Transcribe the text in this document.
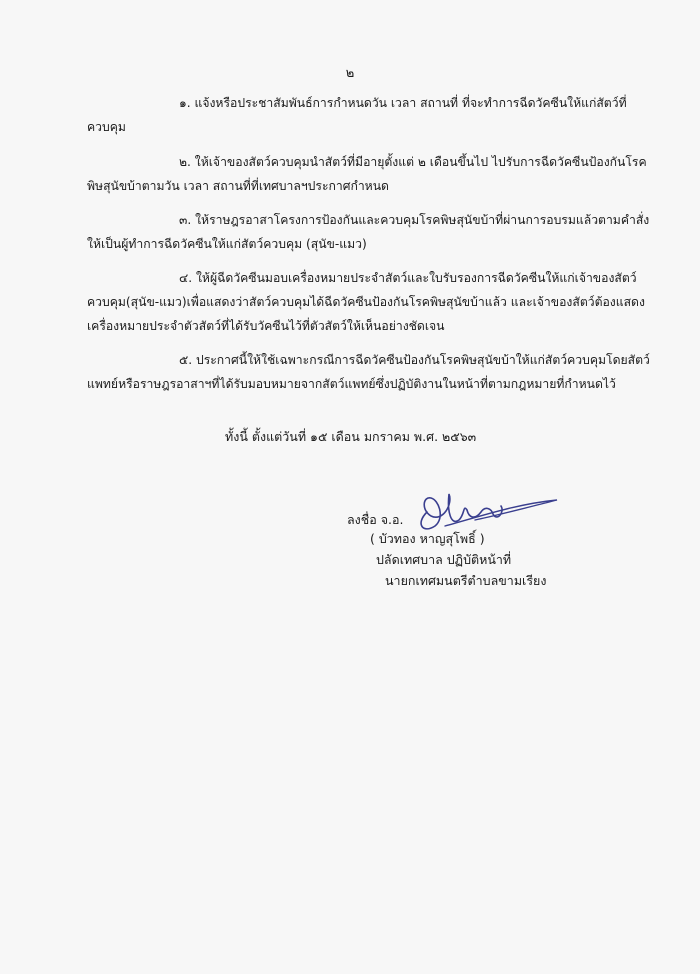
๒

๑. แจ้งหรือประชาสัมพันธ์การกำหนดวัน เวลา สถานที่ ที่จะทำการฉีดวัคซีนให้แก่สัตว์ที่
ควบคุม

๒. ให้เจ้าของสัตว์ควบคุมนำสัตว์ที่มีอายุตั้งแต่ ๒ เดือนขึ้นไป ไปรับการฉีดวัคซีนป้องกันโรค
พิษสุนัขบ้าตามวัน เวลา สถานที่ที่เทศบาลฯประกาศกำหนด

๓. ให้ราษฎรอาสาโครงการป้องกันและควบคุมโรคพิษสุนัขบ้าที่ผ่านการอบรมแล้วตามคำสั่ง
ให้เป็นผู้ทำการฉีดวัคซีนให้แก่สัตว์ควบคุม (สุนัข-แมว)

๔. ให้ผู้ฉีดวัคซีนมอบเครื่องหมายประจำสัตว์และใบรับรองการฉีดวัคซีนให้แก่เจ้าของสัตว์
ควบคุม(สุนัข-แมว)เพื่อแสดงว่าสัตว์ควบคุมได้ฉีดวัคซีนป้องกันโรคพิษสุนัขบ้าแล้ว และเจ้าของสัตว์ต้องแสดง
เครื่องหมายประจำตัวสัตว์ที่ได้รับวัคซีนไว้ที่ตัวสัตว์ให้เห็นอย่างชัดเจน

๕. ประกาศนี้ให้ใช้เฉพาะกรณีการฉีดวัคซีนป้องกันโรคพิษสุนัขบ้าให้แก่สัตว์ควบคุมโดยสัตว์
แพทย์หรือราษฎรอาสาฯที่ได้รับมอบหมายจากสัตว์แพทย์ซึ่งปฏิบัติงานในหน้าที่ตามกฎหมายที่กำหนดไว้

ทั้งนี้ ตั้งแต่วันที่ ๑๕ เดือน มกราคม พ.ศ. ๒๕๖๓
ลงชื่อ จ.อ.
( บัวทอง หาญสุโพธิ์ )
ปลัดเทศบาล ปฏิบัติหน้าที่
นายกเทศมนตรีตำบลขามเรียง
